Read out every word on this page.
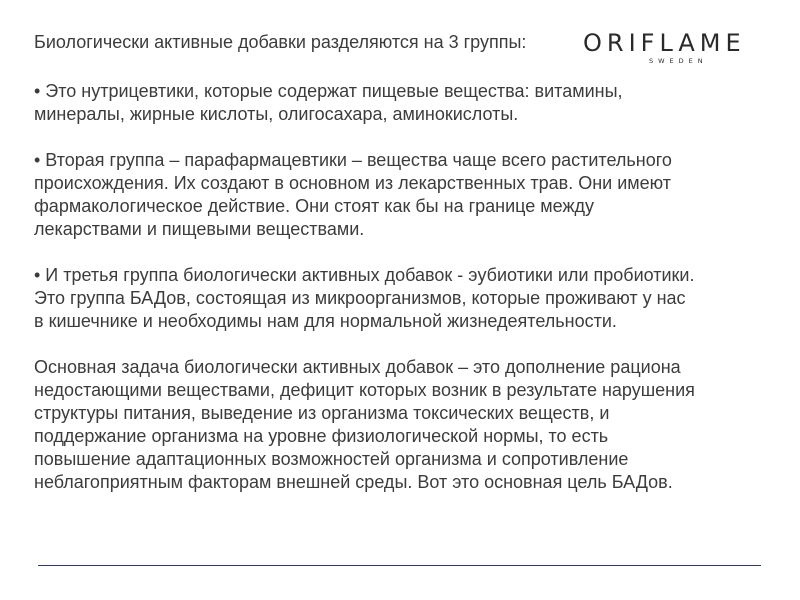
Биологически активные добавки разделяются на 3 группы: ORIFLAME
SWEDEN
• Это нутрицевтики, которые содержат пищевые вещества: витамины,
минералы, жирные кислоты, олигосахара, аминокислоты.
• Вторая группа – парафармацевтики – вещества чаще всего растительного
происхождения. Их создают в основном из лекарственных трав. Они имеют
фармакологическое действие. Они стоят как бы на границе между
лекарствами и пищевыми веществами.
• И третья группа биологически активных добавок - эубиотики или пробиотики.
Это группа БАДов, состоящая из микроорганизмов, которые проживают у нас
в кишечнике и необходимы нам для нормальной жизнедеятельности.
Основная задача биологически активных добавок – это дополнение рациона
недостающими веществами, дефицит которых возник в результате нарушения
структуры питания, выведение из организма токсических веществ, и
поддержание организма на уровне физиологической нормы, то есть
повышение адаптационных возможностей организма и сопротивление
неблагоприятным факторам внешней среды. Вот это основная цель БАДов.
